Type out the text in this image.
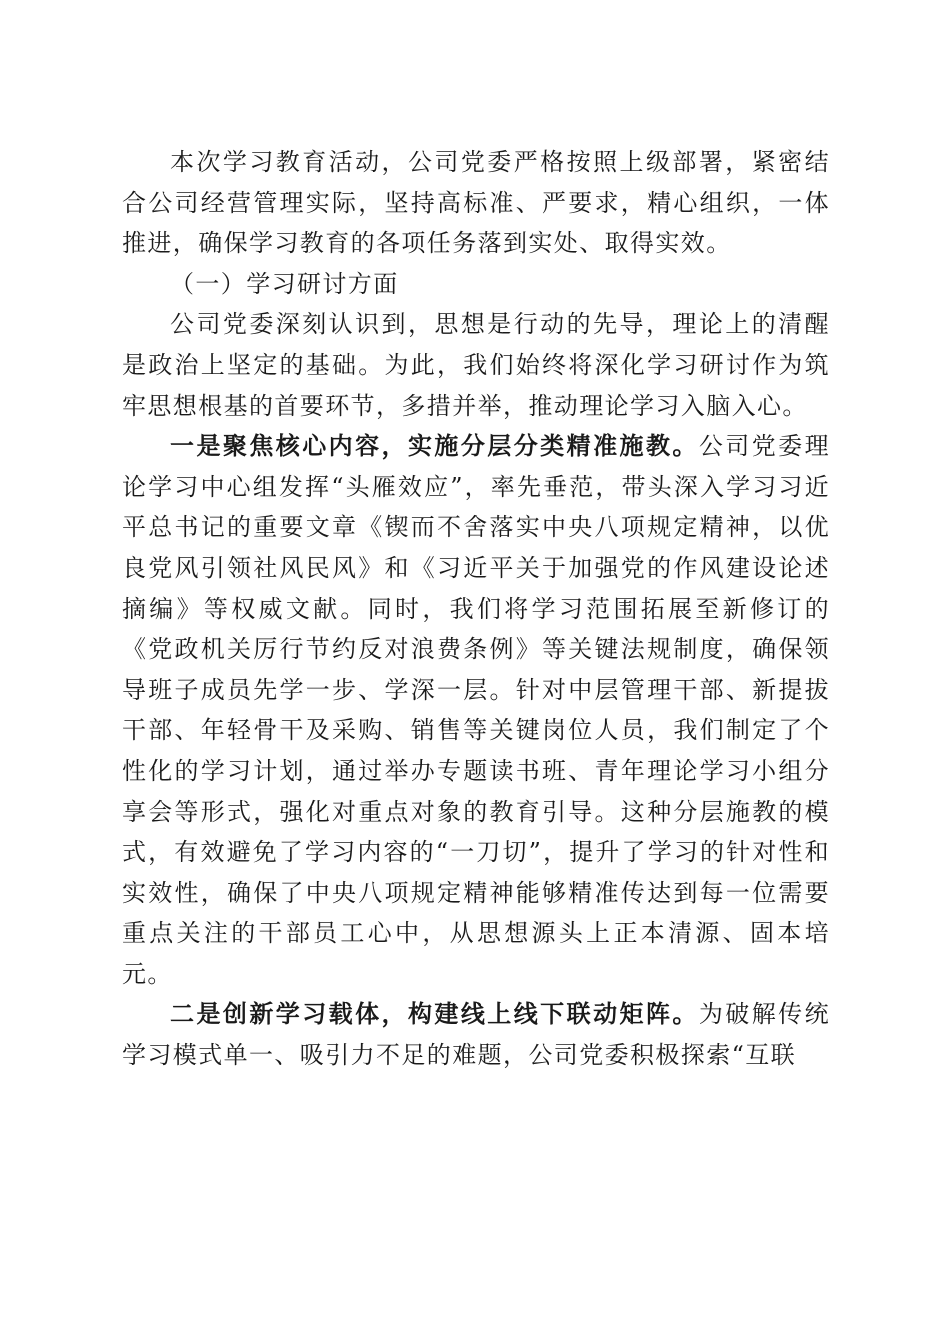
本次学习教育活动，公司党委严格按照上级部署，紧密结合公司经营管理实际，坚持高标准、严要求，精心组织，一体推进，确保学习教育的各项任务落到实处、取得实效。

（一）学习研讨方面

公司党委深刻认识到，思想是行动的先导，理论上的清醒是政治上坚定的基础。为此，我们始终将深化学习研讨作为筑牢思想根基的首要环节，多措并举，推动理论学习入脑入心。

一是聚焦核心内容，实施分层分类精准施教。公司党委理论学习中心组发挥“头雁效应”，率先垂范，带头深入学习习近平总书记的重要文章《锲而不舍落实中央八项规定精神，以优良党风引领社风民风》和《习近平关于加强党的作风建设论述摘编》等权威文献。同时，我们将学习范围拓展至新修订的《党政机关厉行节约反对浪费条例》等关键法规制度，确保领导班子成员先学一步、学深一层。针对中层管理干部、新提拔干部、年轻骨干及采购、销售等关键岗位人员，我们制定了个性化的学习计划，通过举办专题读书班、青年理论学习小组分享会等形式，强化对重点对象的教育引导。这种分层施教的模式，有效避免了学习内容的“一刀切”，提升了学习的针对性和实效性，确保了中央八项规定精神能够精准传达到每一位需要重点关注的干部员工心中，从思想源头上正本清源、固本培元。

二是创新学习载体，构建线上线下联动矩阵。为破解传统学习模式单一、吸引力不足的难题，公司党委积极探索“互联
